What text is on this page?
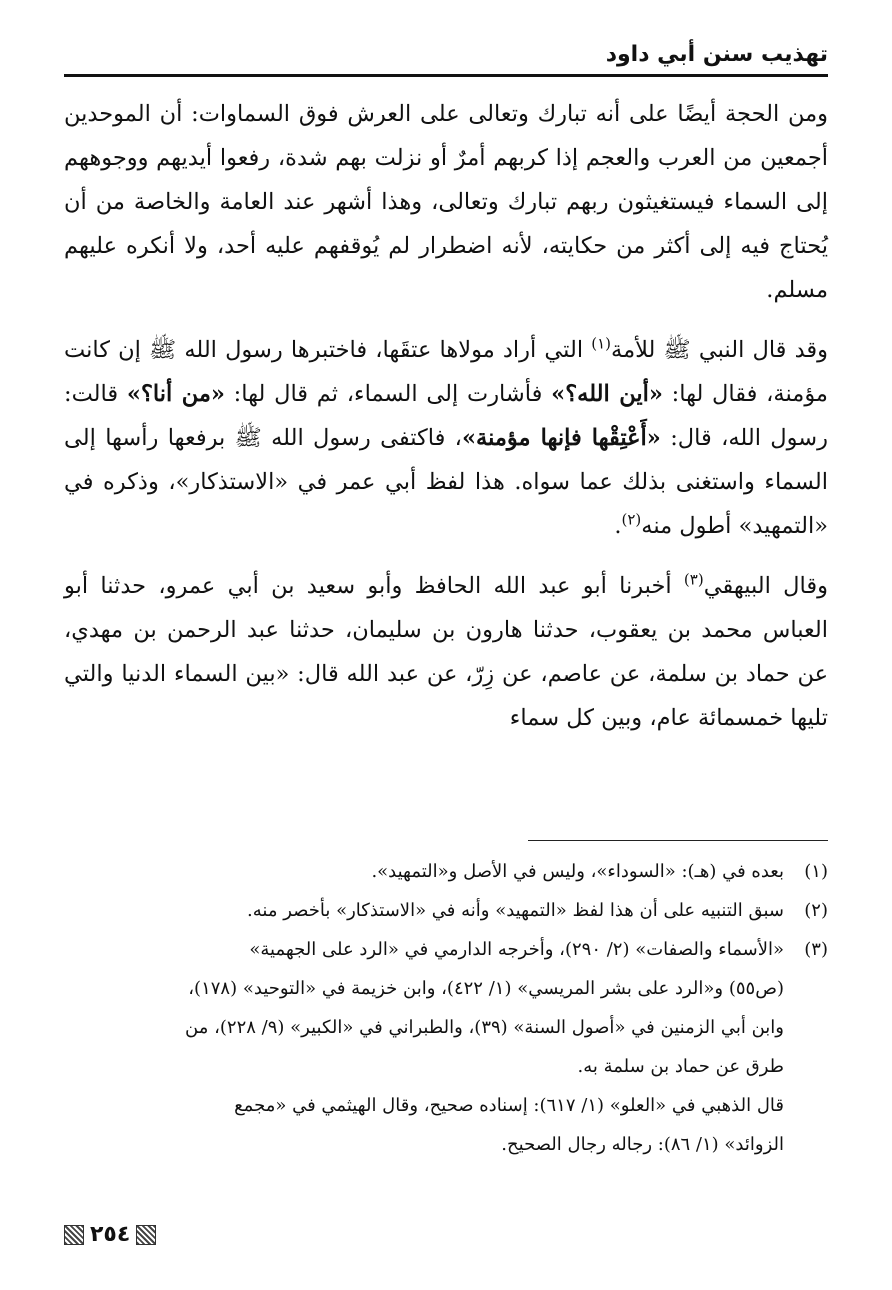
تهذيب سنن أبي داود

ومن الحجة أيضًا على أنه تبارك وتعالى على العرش فوق السماوات: أن الموحدين أجمعين من العرب والعجم إذا كربهم أمرٌ أو نزلت بهم شدة، رفعوا أيديهم ووجوههم إلى السماء فيستغيثون ربهم تبارك وتعالى، وهذا أشهر عند العامة والخاصة من أن يُحتاج فيه إلى أكثر من حكايته، لأنه اضطرار لم يُوقفهم عليه أحد، ولا أنكره عليهم مسلم.

وقد قال النبي ﷺ للأمة$^{(١)}$ التي أراد مولاها عتقَها، فاختبرها رسول الله ﷺ إن كانت مؤمنة، فقال لها: «أين الله؟» فأشارت إلى السماء، ثم قال لها: «من أنا؟» قالت: رسول الله، قال: «أَعْتِقْها فإنها مؤمنة»، فاكتفى رسول الله ﷺ برفعها رأسها إلى السماء واستغنى بذلك عما سواه. هذا لفظ أبي عمر في «الاستذكار»، وذكره في «التمهيد» أطول منه$^{(٢)}$.

وقال البيهقي$^{(٣)}$ أخبرنا أبو عبد الله الحافظ وأبو سعيد بن أبي عمرو، حدثنا أبو العباس محمد بن يعقوب، حدثنا هارون بن سليمان، حدثنا عبد الرحمن بن مهدي، عن حماد بن سلمة، عن عاصم، عن زِرّ، عن عبد الله قال: «بين السماء الدنيا والتي تليها خمسمائة عام، وبين كل سماء

(١)
بعده في (هـ): «السوداء»، وليس في الأصل و«التمهيد».
(٢)
سبق التنبيه على أن هذا لفظ «التمهيد» وأنه في «الاستذكار» بأخصر منه.
(٣)
«الأسماء والصفات» (٢/ ٢٩٠)، وأخرجه الدارمي في «الرد على الجهمية»
(ص٥٥) و«الرد على بشر المريسي» (١/ ٤٢٢)، وابن خزيمة في «التوحيد» (١٧٨)،
وابن أبي الزمنين في «أصول السنة» (٣٩)، والطبراني في «الكبير» (٩/ ٢٢٨)، من
طرق عن حماد بن سلمة به.
قال الذهبي في «العلو» (١/ ٦١٧): إسناده صحيح، وقال الهيثمي في «مجمع
الزوائد» (١/ ٨٦): رجاله رجال الصحيح.
٢٥٤
